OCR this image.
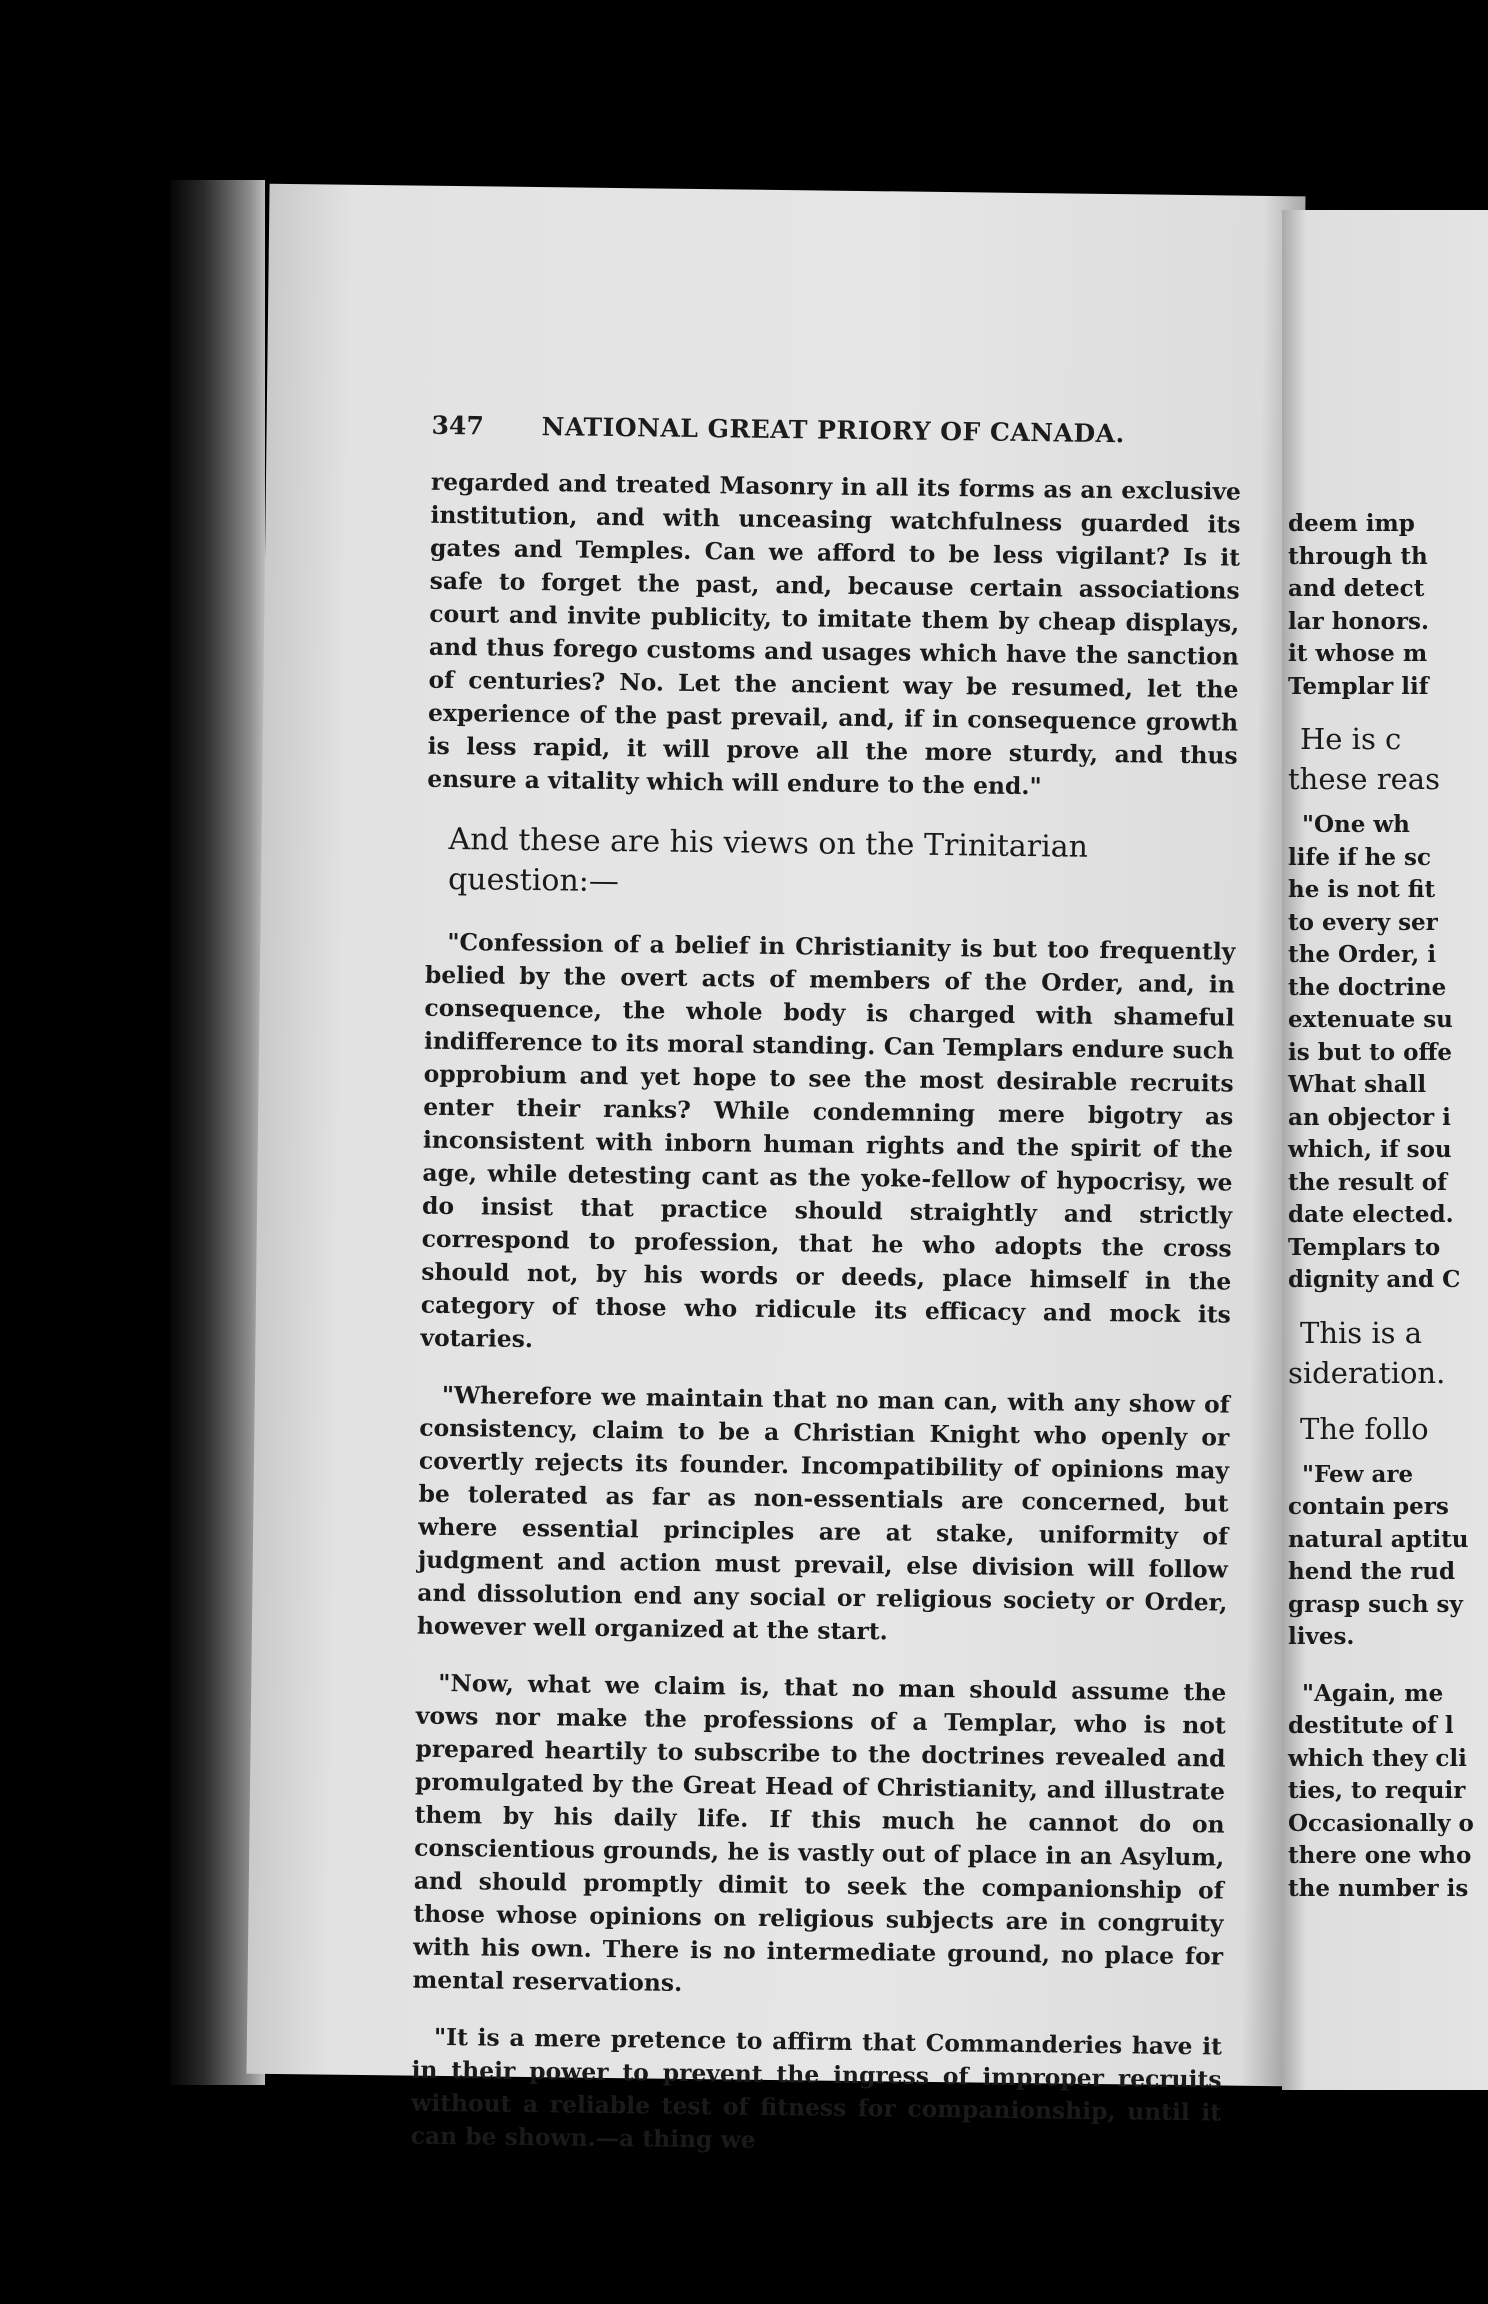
347 NATIONAL GREAT PRIORY OF CANADA.

regarded and treated Masonry in all its forms as an exclusive institution, and with unceasing watchfulness guarded its gates and Temples. Can we afford to be less vigilant? Is it safe to forget the past, and, because certain associations court and invite publicity, to imitate them by cheap displays, and thus forego customs and usages which have the sanction of centuries? No. Let the ancient way be resumed, let the experience of the past prevail, and, if in consequence growth is less rapid, it will prove all the more sturdy, and thus ensure a vitality which will endure to the end."

And these are his views on the Trinitarian question:—

"Confession of a belief in Christianity is but too frequently belied by the overt acts of members of the Order, and, in consequence, the whole body is charged with shameful indifference to its moral standing. Can Templars endure such opprobium and yet hope to see the most desirable recruits enter their ranks? While condemning mere bigotry as inconsistent with inborn human rights and the spirit of the age, while detesting cant as the yoke-fellow of hypocrisy, we do insist that practice should straightly and strictly correspond to profession, that he who adopts the cross should not, by his words or deeds, place himself in the category of those who ridicule its efficacy and mock its votaries.

"Wherefore we maintain that no man can, with any show of consistency, claim to be a Christian Knight who openly or covertly rejects its founder. Incompatibility of opinions may be tolerated as far as non-essentials are concerned, but where essential principles are at stake, uniformity of judgment and action must prevail, else division will follow and dissolution end any social or religious society or Order, however well organized at the start.

"Now, what we claim is, that no man should assume the vows nor make the professions of a Templar, who is not prepared heartily to subscribe to the doctrines revealed and promulgated by the Great Head of Christianity, and illustrate them by his daily life. If this much he cannot do on conscientious grounds, he is vastly out of place in an Asylum, and should promptly dimit to seek the companionship of those whose opinions on religious subjects are in congruity with his own. There is no intermediate ground, no place for mental reservations.

"It is a mere pretence to affirm that Commanderies have it in their power to prevent the ingress of improper recruits without a reliable test of fitness for companionship, until it can be shown.—a thing we

deem imp
through th
and detect
lar honors.
it whose m
Templar lif
He is c
these reas
"One wh
life if he sc
he is not fit
to every ser
the Order, i
the doctrine
extenuate su
is but to offe
What shall
an objector i
which, if sou
the result of
date elected.
Templars to
dignity and C
This is a
sideration.
The follo
"Few are
contain pers
natural aptitu
hend the rud
grasp such sy
lives.
"Again, me
destitute of l
which they cli
ties, to requir
Occasionally o
there one who
the number is
